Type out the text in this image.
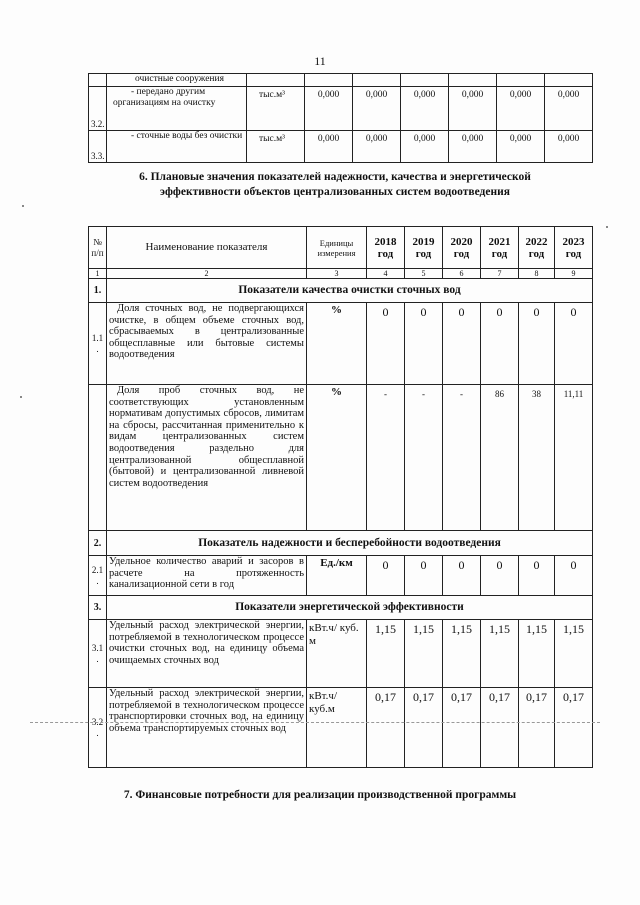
11
	очистные сооружения							
3.2.	- передано другим организациям на очистку	тыс.м³	0,000	0,000	0,000	0,000	0,000	0,000
3.3.	- сточные воды без очистки	тыс.м³	0,000	0,000	0,000	0,000	0,000	0,000
6. Плановые значения показателей надежности, качества и энергетической эффективности объектов централизованных систем водоотведения
№ п/п	Наименование показателя	Единицы измерения	2018 год	2019 год	2020 год	2021 год	2022 год	2023 год
1	2	3	4	5	6	7	8	9
1.	Показатели качества очистки сточных вод							
1.1 .	Доля сточных вод, не подвергающихся очистке, в общем объеме сточных вод, сбрасываемых в централизованные общесплавные или бытовые системы водоотведения	%	0	0	0	0	0	0
	Доля проб сточных вод, не соответствующих установленным нормативам допустимых сбросов, лимитам на сбросы, рассчитанная применительно к видам централизованных систем водоотведения раздельно для централизованной общесплавной (бытовой) и централизованной ливневой систем водоотведения	%	-	-	-	86	38	11,11
2.	Показатель надежности и бесперебойности водоотведения							
2.1 .	Удельное количество аварий и засоров в расчете на протяженность канализационной сети в год	Ед./км	0	0	0	0	0	0
3.	Показатели энергетической эффективности							
3.1 .	Удельный расход электрической энергии, потребляемой в технологическом процессе очистки сточных вод, на единицу объема очищаемых сточных вод	кВт.ч/ куб. м	1,15	1,15	1,15	1,15	1,15	1,15
3.2 .	Удельный расход электрической энергии, потребляемой в технологическом процессе транспортировки сточных вод, на единицу объема транспортируемых сточных вод	кВт.ч/ куб.м	0,17	0,17	0,17	0,17	0,17	0,17
7. Финансовые потребности для реализации производственной программы
